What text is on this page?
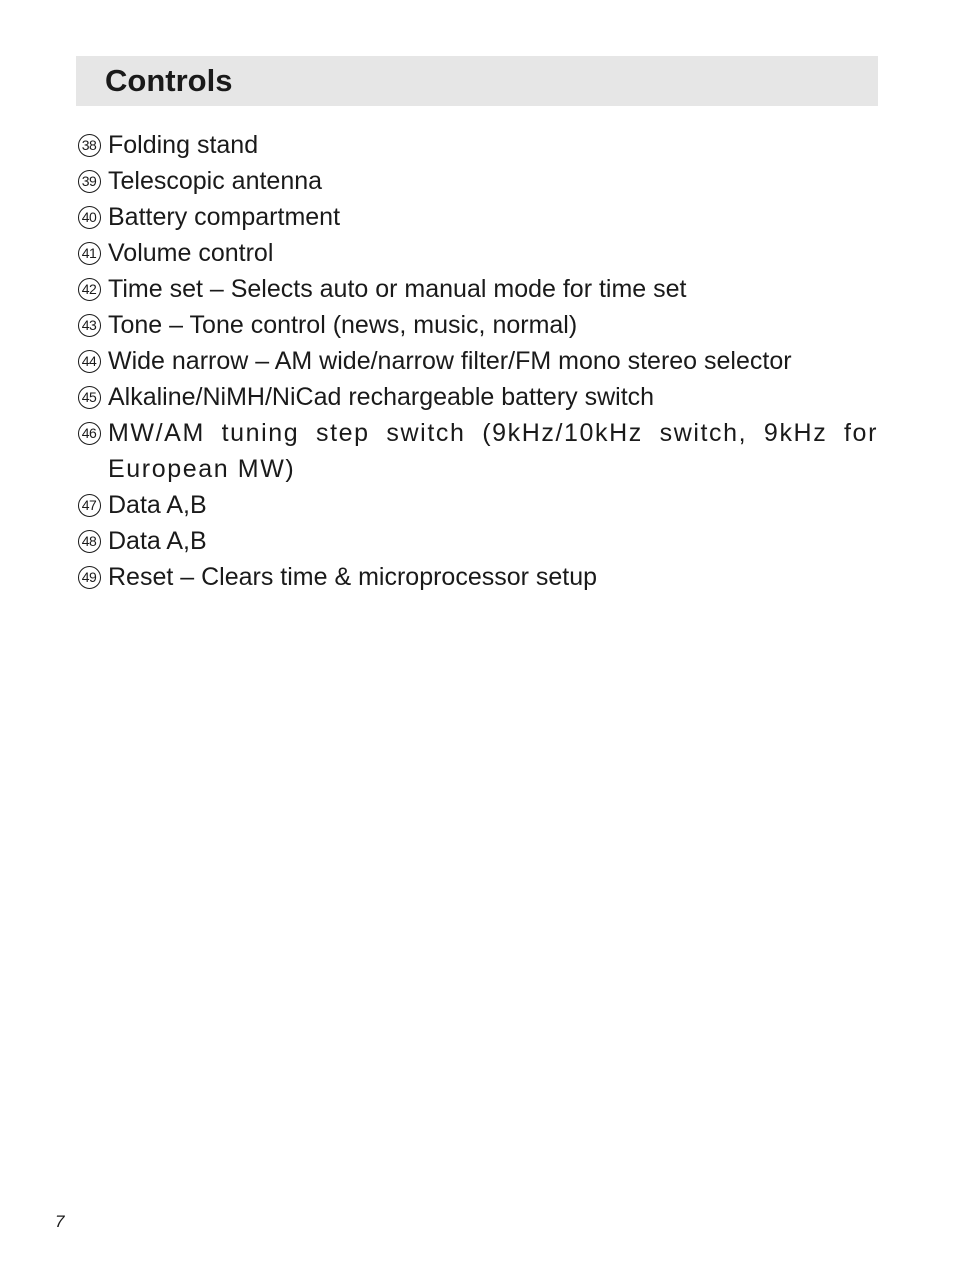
Controls
38 Folding stand
39 Telescopic antenna
40 Battery compartment
41 Volume control
42 Time set – Selects auto or manual mode for time set
43 Tone – Tone control (news, music, normal)
44 Wide narrow – AM wide/narrow filter/FM mono stereo selector
45 Alkaline/NiMH/NiCad rechargeable battery switch
46 MW/AM tuning step switch (9kHz/10kHz switch, 9kHz for European MW)
47 Data A,B
48 Data A,B
49 Reset – Clears time & microprocessor setup

7
